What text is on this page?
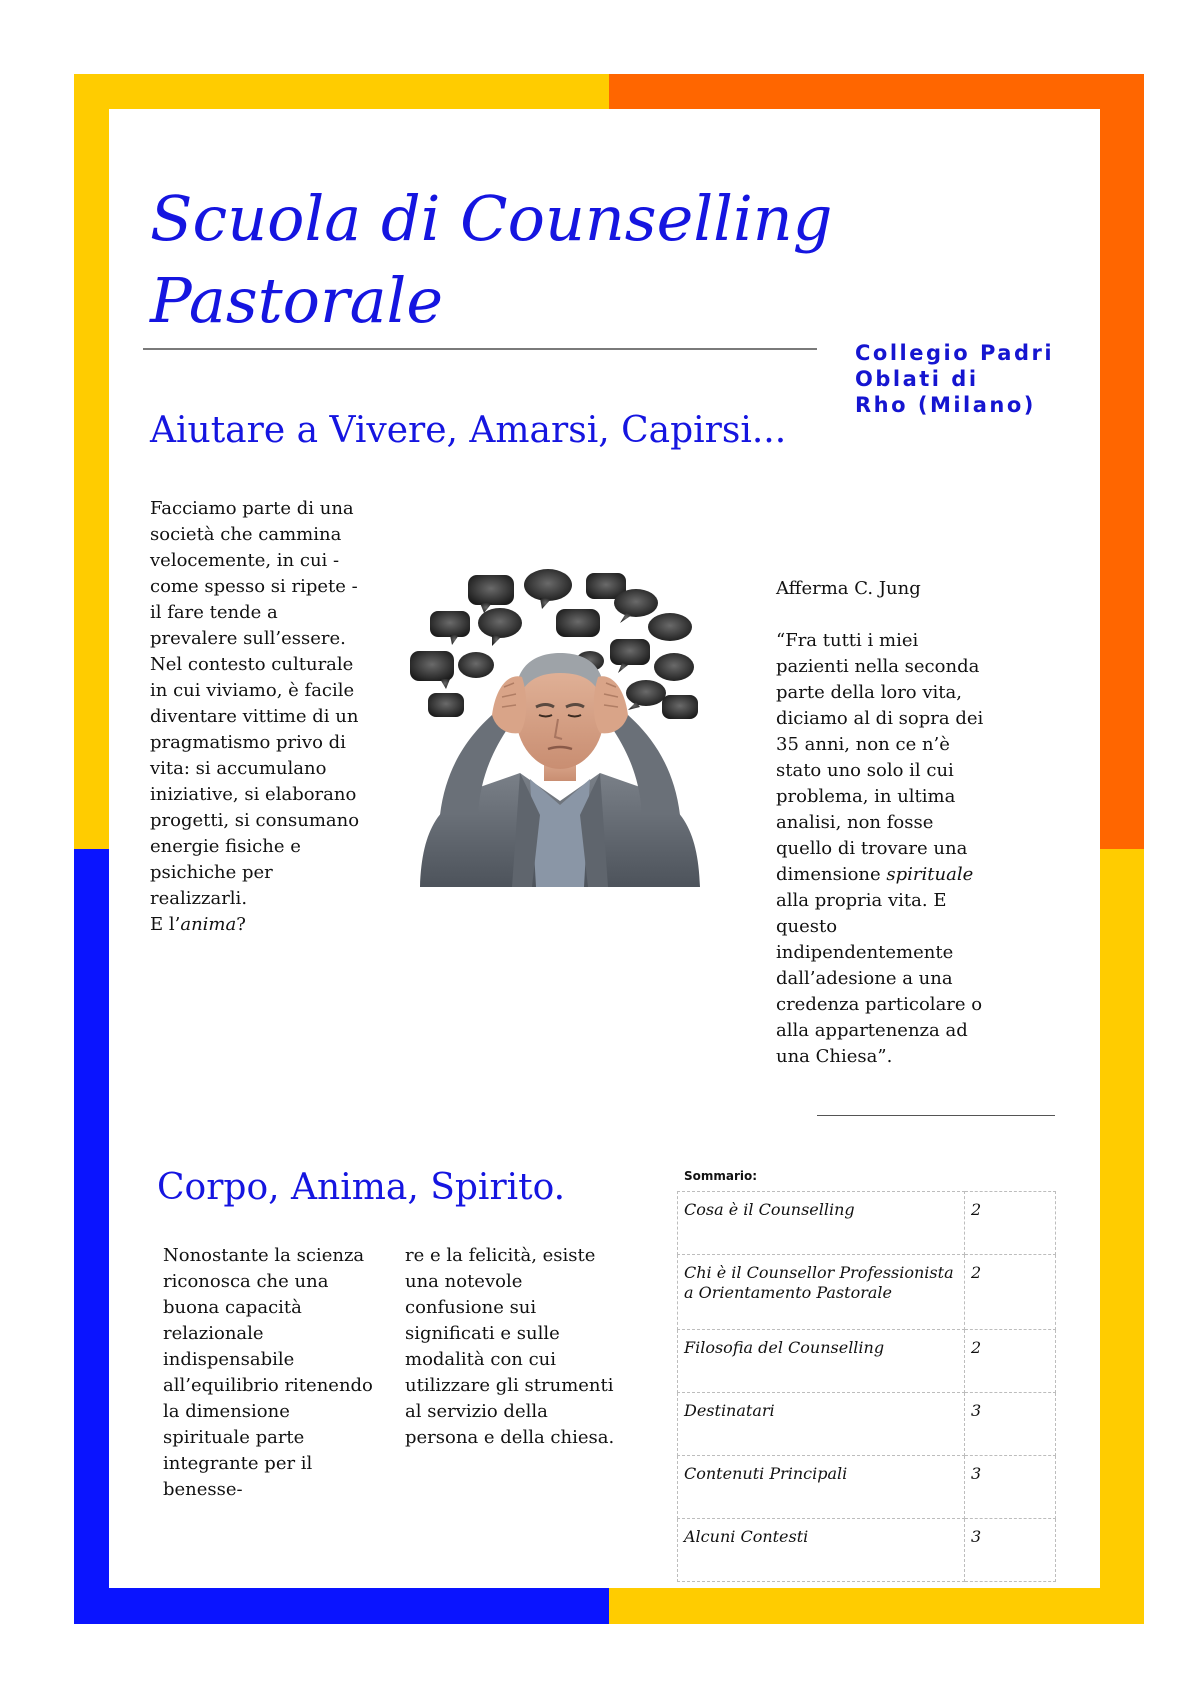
Scuola di Counselling
Pastorale
Collegio Padri
Oblati di
Rho (Milano)
Aiutare a Vivere, Amarsi, Capirsi...

Facciamo parte di una società che cammina velocemente, in cui - come spesso si ripete - il fare tende a prevalere sull’essere.

Nel contesto culturale in cui viviamo, è facile diventare vittime di un pragmatismo privo di vita: si accumulano iniziative, si elaborano progetti, si consumano energie fisiche e psichiche per realizzarli.

E l’anima?

Afferma C. Jung

“Fra tutti i miei pazienti nella seconda parte della loro vita, diciamo al di sopra dei 35 anni, non ce n’è stato uno solo il cui problema, in ultima analisi, non fosse quello di trovare una dimensione spirituale alla propria vita. E questo indipendentemente dall’adesione a una credenza particolare o alla appartenenza ad una Chiesa”.

Corpo, Anima, Spirito.
Nonostante la scienza riconosca che una buona capacità relazionale indispensabile all’equilibrio ritenendo la dimensione spirituale parte integrante per il benesse-
re e la felicità, esiste una notevole confusione sui significati e sulle modalità con cui utilizzare gli strumenti al servizio della persona e della chiesa.
Sommario:
Cosa è il Counselling	2
Chi è il Counsellor Professionista a Orientamento Pastorale	2
Filosofia del Counselling	2
Destinatari	3
Contenuti Principali	3
Alcuni Contesti	3
